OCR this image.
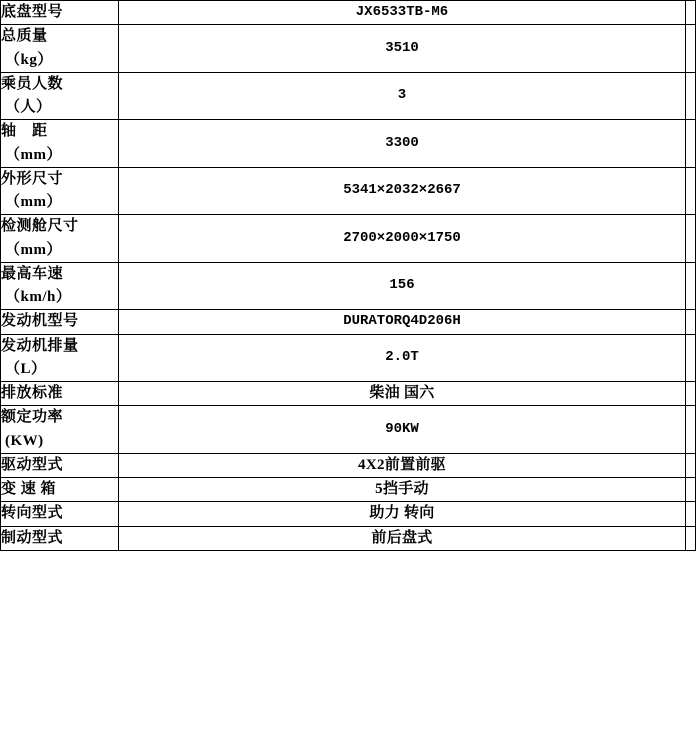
底盘型号	JX6533TB-M6	

总质量
（kg）	3510	

乘员人数
（人）	3	

轴　距
（mm）	3300	

外形尺寸
（mm）	5341×2032×2667	

检测舱尺寸
（mm）	2700×2000×1750	

最高车速
（km/h）	156	

发动机型号	DURATORQ4D206H	

发动机排量
（L）	2.0T	

排放标准	柴油 国六	

额定功率
(KW)	90KW	

驱动型式	4X2前置前驱	

变 速 箱	5挡手动	

转向型式	助力 转向	

制动型式	前后盘式	
